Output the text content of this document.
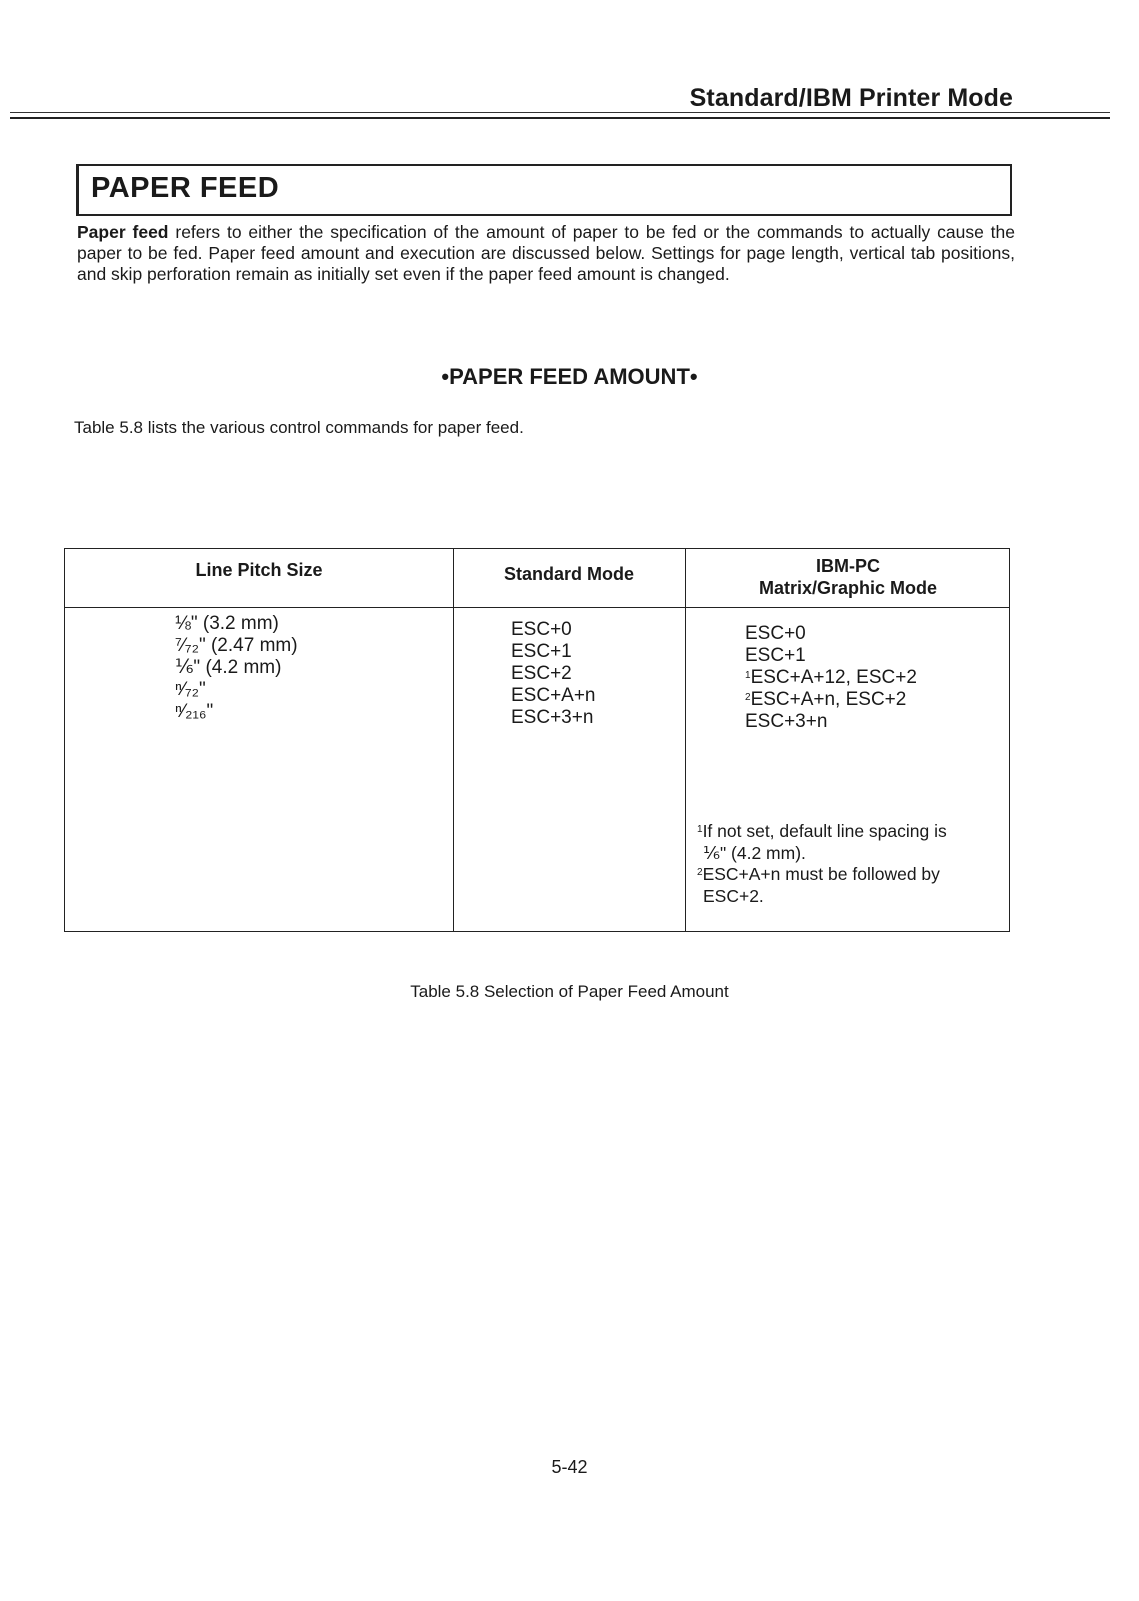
Standard/IBM Printer Mode
PAPER FEED
Paper feed refers to either the specification of the amount of paper to be fed or the commands to actually cause the paper to be fed. Paper feed amount and execution are discussed below. Settings for page length, vertical tab positions, and skip perforation remain as initially set even if the paper feed amount is changed.
•PAPER FEED AMOUNT•
Table 5.8 lists the various control commands for paper feed.
Line Pitch Size	Standard Mode	IBM-PC
Matrix/Graphic Mode
⅛" (3.2 mm)
⁷⁄₇₂" (2.47 mm)
⅙" (4.2 mm)
ⁿ⁄₇₂"
ⁿ⁄₂₁₆"
ESC+0
ESC+1
ESC+2
ESC+A+n
ESC+3+n
ESC+0
ESC+1
$^1$ESC+A+12, ESC+2
$^2$ESC+A+n, ESC+2
ESC+3+n
$^1$If not set, default line spacing is
⅙" (4.2 mm).
$^2$ESC+A+n must be followed by
ESC+2.
Table 5.8 Selection of Paper Feed Amount
5-42
